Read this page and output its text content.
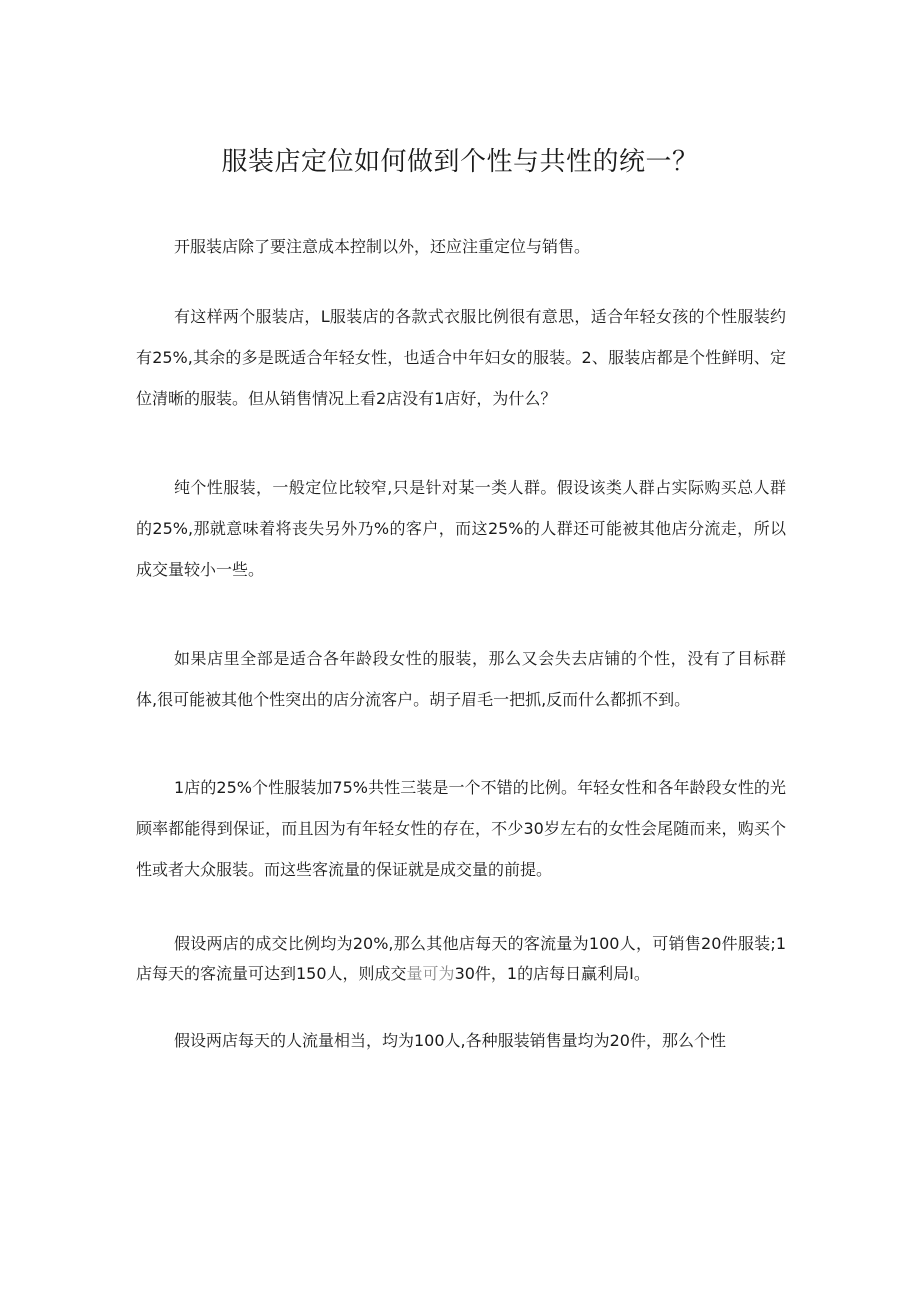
服装店定位如何做到个性与共性的统一？

开服装店除了要注意成本控制以外，还应注重定位与销售。

有这样两个服装店，L服装店的各款式衣服比例很有意思，适合年轻女孩的个性服装约有25%,其余的多是既适合年轻女性，也适合中年妇女的服装。2、服装店都是个性鲜明、定位清晰的服装。但从销售情况上看2店没有1店好，为什么？

纯个性服装，一般定位比较窄,只是针对某一类人群。假设该类人群占实际购买总人群的25%,那就意味着将丧失另外乃%的客户，而这25%的人群还可能被其他店分流走，所以成交量较小一些。

如果店里全部是适合各年龄段女性的服装，那么又会失去店铺的个性，没有了目标群体,很可能被其他个性突出的店分流客户。胡子眉毛一把抓,反而什么都抓不到。

1店的25%个性服装加75%共性三装是一个不错的比例。年轻女性和各年龄段女性的光顾率都能得到保证，而且因为有年轻女性的存在，不少30岁左右的女性会尾随而来，购买个性或者大众服装。而这些客流量的保证就是成交量的前提。

假设两店的成交比例均为20%,那么其他店每天的客流量为100人，可销售20件服装;1店每天的客流量可达到150人，则成交量可为30件，1的店每日赢利局I。

假设两店每天的人流量相当，均为100人,各种服装销售量均为20件，那么个性
